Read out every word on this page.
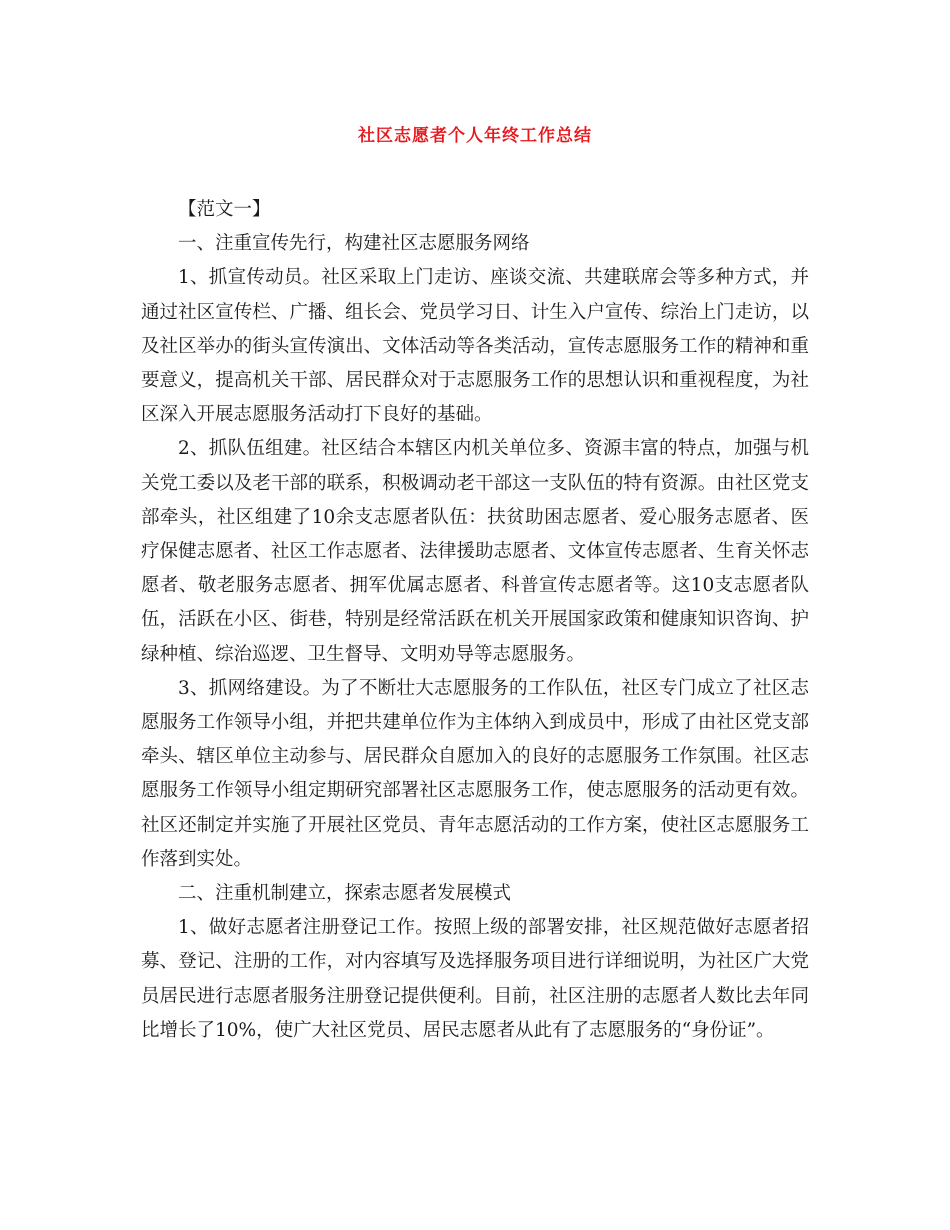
社区志愿者个人年终工作总结

【范文一】

一、注重宣传先行，构建社区志愿服务网络

1、抓宣传动员。社区采取上门走访、座谈交流、共建联席会等多种方式，并通过社区宣传栏、广播、组长会、党员学习日、计生入户宣传、综治上门走访，以及社区举办的街头宣传演出、文体活动等各类活动，宣传志愿服务工作的精神和重要意义，提高机关干部、居民群众对于志愿服务工作的思想认识和重视程度，为社区深入开展志愿服务活动打下良好的基础。

2、抓队伍组建。社区结合本辖区内机关单位多、资源丰富的特点，加强与机关党工委以及老干部的联系，积极调动老干部这一支队伍的特有资源。由社区党支部牵头，社区组建了10余支志愿者队伍：扶贫助困志愿者、爱心服务志愿者、医疗保健志愿者、社区工作志愿者、法律援助志愿者、文体宣传志愿者、生育关怀志愿者、敬老服务志愿者、拥军优属志愿者、科普宣传志愿者等。这10支志愿者队伍，活跃在小区、街巷，特别是经常活跃在机关开展国家政策和健康知识咨询、护绿种植、综治巡逻、卫生督导、文明劝导等志愿服务。

3、抓网络建设。为了不断壮大志愿服务的工作队伍，社区专门成立了社区志愿服务工作领导小组，并把共建单位作为主体纳入到成员中，形成了由社区党支部牵头、辖区单位主动参与、居民群众自愿加入的良好的志愿服务工作氛围。社区志愿服务工作领导小组定期研究部署社区志愿服务工作，使志愿服务的活动更有效。社区还制定并实施了开展社区党员、青年志愿活动的工作方案，使社区志愿服务工作落到实处。

二、注重机制建立，探索志愿者发展模式

1、做好志愿者注册登记工作。按照上级的部署安排，社区规范做好志愿者招募、登记、注册的工作，对内容填写及选择服务项目进行详细说明，为社区广大党员居民进行志愿者服务注册登记提供便利。目前，社区注册的志愿者人数比去年同比增长了10%，使广大社区党员、居民志愿者从此有了志愿服务的“身份证”。
